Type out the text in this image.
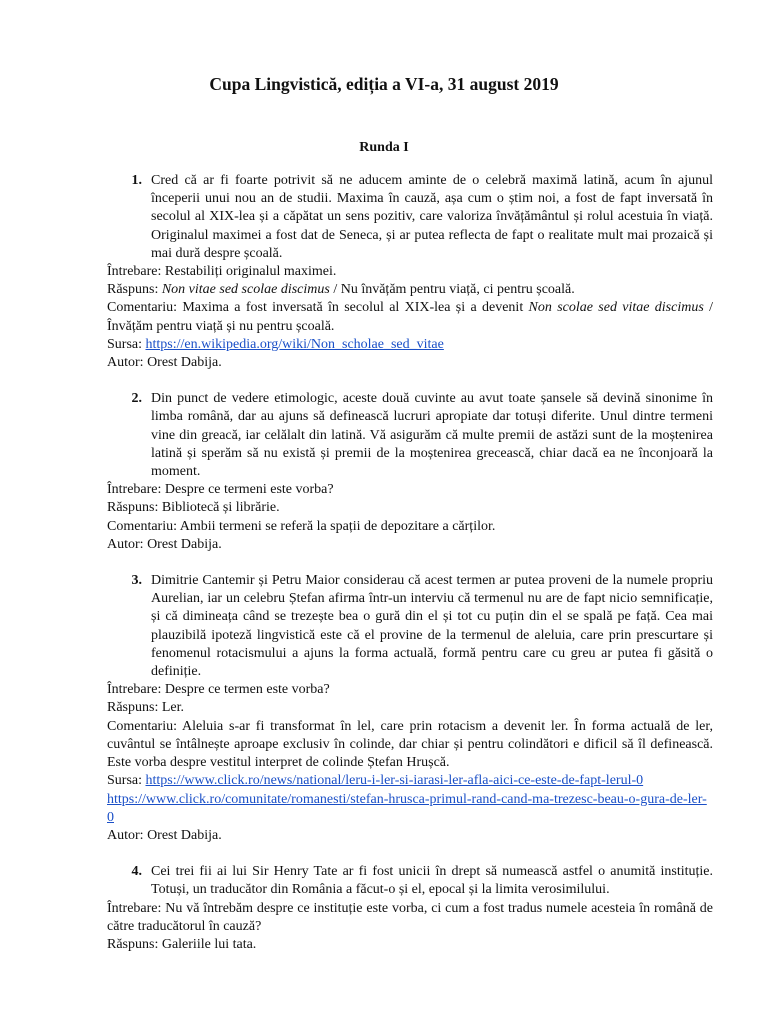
Cupa Lingvistică, ediția a VI-a, 31 august 2019
Runda I
1. Cred că ar fi foarte potrivit să ne aducem aminte de o celebră maximă latină, acum în ajunul începerii unui nou an de studii. Maxima în cauză, așa cum o știm noi, a fost de fapt inversată în secolul al XIX-lea și a căpătat un sens pozitiv, care valoriza învățământul și rolul acestuia în viață. Originalul maximei a fost dat de Seneca, și ar putea reflecta de fapt o realitate mult mai prozaică și mai dură despre școală.
Întrebare: Restabiliți originalul maximei.
Răspuns: Non vitae sed scolae discimus / Nu învățăm pentru viață, ci pentru școală.
Comentariu: Maxima a fost inversată în secolul al XIX-lea și a devenit Non scolae sed vitae discimus / Învățăm pentru viață și nu pentru școală.
Sursa: https://en.wikipedia.org/wiki/Non_scholae_sed_vitae
Autor: Orest Dabija.
2. Din punct de vedere etimologic, aceste două cuvinte au avut toate șansele să devină sinonime în limba română, dar au ajuns să definească lucruri apropiate dar totuși diferite. Unul dintre termeni vine din greacă, iar celălalt din latină. Vă asigurăm că multe premii de astăzi sunt de la moștenirea latină și sperăm să nu există și premii de la moștenirea grecească, chiar dacă ea ne înconjoară la moment.
Întrebare: Despre ce termeni este vorba?
Răspuns: Bibliotecă și librărie.
Comentariu: Ambii termeni se referă la spații de depozitare a cărților.
Autor: Orest Dabija.
3. Dimitrie Cantemir și Petru Maior considerau că acest termen ar putea proveni de la numele propriu Aurelian, iar un celebru Ștefan afirma într-un interviu că termenul nu are de fapt nicio semnificație, și că dimineața când se trezește bea o gură din el și tot cu puțin din el se spală pe față. Cea mai plauzibilă ipoteză lingvistică este că el provine de la termenul de aleluia, care prin prescurtare și fenomenul rotacismului a ajuns la forma actuală, formă pentru care cu greu ar putea fi găsită o definiție.
Întrebare: Despre ce termen este vorba?
Răspuns: Ler.
Comentariu: Aleluia s-ar fi transformat în lel, care prin rotacism a devenit ler. În forma actuală de ler, cuvântul se întâlnește aproape exclusiv în colinde, dar chiar și pentru colindători e dificil să îl definească. Este vorba despre vestitul interpret de colinde Ștefan Hrușcă.
Sursa: https://www.click.ro/news/national/leru-i-ler-si-iarasi-ler-afla-aici-ce-este-de-fapt-lerul-0
https://www.click.ro/comunitate/romanesti/stefan-hrusca-primul-rand-cand-ma-trezesc-beau-o-gura-de-ler-0
Autor: Orest Dabija.
4. Cei trei fii ai lui Sir Henry Tate ar fi fost unicii în drept să numească astfel o anumită instituție. Totuși, un traducător din România a făcut-o și el, epocal și la limita verosimilului.
Întrebare: Nu vă întrebăm despre ce instituție este vorba, ci cum a fost tradus numele acesteia în română de către traducătorul în cauză?
Răspuns: Galeriile lui tata.
